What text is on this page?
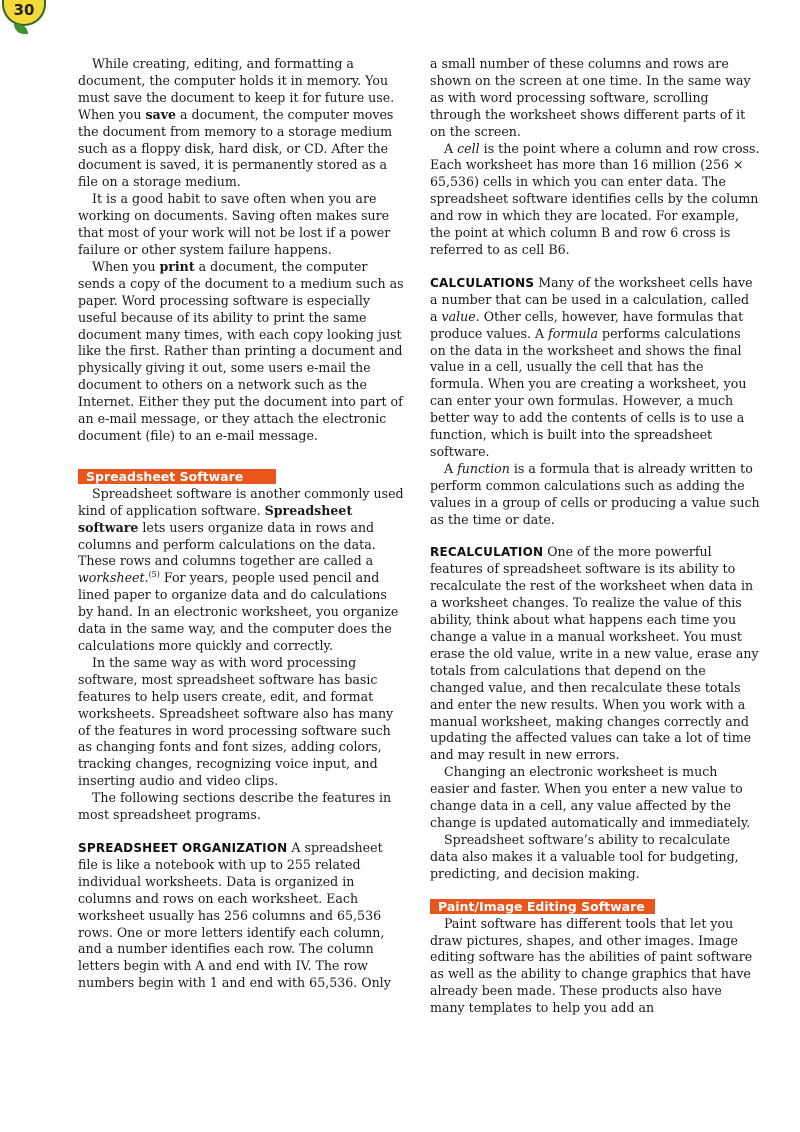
30

While creating, editing, and formatting a document, the computer holds it in memory. You must save the document to keep it for future use. When you save a document, the computer moves the document from memory to a storage medium such as a floppy disk, hard disk, or CD. After the document is saved, it is permanently stored as a file on a storage medium.

It is a good habit to save often when you are working on documents. Saving often makes sure that most of your work will not be lost if a power failure or other system failure happens.

When you print a document, the computer sends a copy of the document to a medium such as paper. Word processing software is especially useful because of its ability to print the same document many times, with each copy looking just like the first. Rather than printing a document and physically giving it out, some users e-mail the document to others on a network such as the Internet. Either they put the document into part of an e-mail message, or they attach the electronic document (file) to an e-mail message.

Spreadsheet Software

Spreadsheet software is another commonly used kind of application software. Spreadsheet software lets users organize data in rows and columns and perform calculations on the data. These rows and columns together are called a worksheet.$^{(5)}$ For years, people used pencil and lined paper to organize data and do calculations by hand. In an electronic worksheet, you organize data in the same way, and the computer does the calculations more quickly and correctly.

In the same way as with word processing software, most spreadsheet software has basic features to help users create, edit, and format worksheets. Spreadsheet software also has many of the features in word processing software such as changing fonts and font sizes, adding colors, tracking changes, recognizing voice input, and inserting audio and video clips.

The following sections describe the features in most spreadsheet programs.

SPREADSHEET ORGANIZATION A spreadsheet file is like a notebook with up to 255 related individual worksheets. Data is organized in columns and rows on each worksheet. Each worksheet usually has 256 columns and 65,536 rows. One or more letters identify each column, and a number identifies each row. The column letters begin with A and end with IV. The row numbers begin with 1 and end with 65,536. Only

a small number of these columns and rows are shown on the screen at one time. In the same way as with word processing software, scrolling through the worksheet shows different parts of it on the screen.

A cell is the point where a column and row cross. Each worksheet has more than 16 million (256 × 65,536) cells in which you can enter data. The spreadsheet software identifies cells by the column and row in which they are located. For example, the point at which column B and row 6 cross is referred to as cell B6.

CALCULATIONS Many of the worksheet cells have a number that can be used in a calculation, called a value. Other cells, however, have formulas that produce values. A formula performs calculations on the data in the worksheet and shows the final value in a cell, usually the cell that has the formula. When you are creating a worksheet, you can enter your own formulas. However, a much better way to add the contents of cells is to use a function, which is built into the spreadsheet software.

A function is a formula that is already written to perform common calculations such as adding the values in a group of cells or producing a value such as the time or date.

RECALCULATION One of the more powerful features of spreadsheet software is its ability to recalculate the rest of the worksheet when data in a worksheet changes. To realize the value of this ability, think about what happens each time you change a value in a manual worksheet. You must erase the old value, write in a new value, erase any totals from calculations that depend on the changed value, and then recalculate these totals and enter the new results. When you work with a manual worksheet, making changes correctly and updating the affected values can take a lot of time and may result in new errors.

Changing an electronic worksheet is much easier and faster. When you enter a new value to change data in a cell, any value affected by the change is updated automatically and immediately.

Spreadsheet software’s ability to recalculate data also makes it a valuable tool for budgeting, predicting, and decision making.

Paint/Image Editing Software

Paint software has different tools that let you draw pictures, shapes, and other images. Image editing software has the abilities of paint software as well as the ability to change graphics that have already been made. These products also have many templates to help you add an
